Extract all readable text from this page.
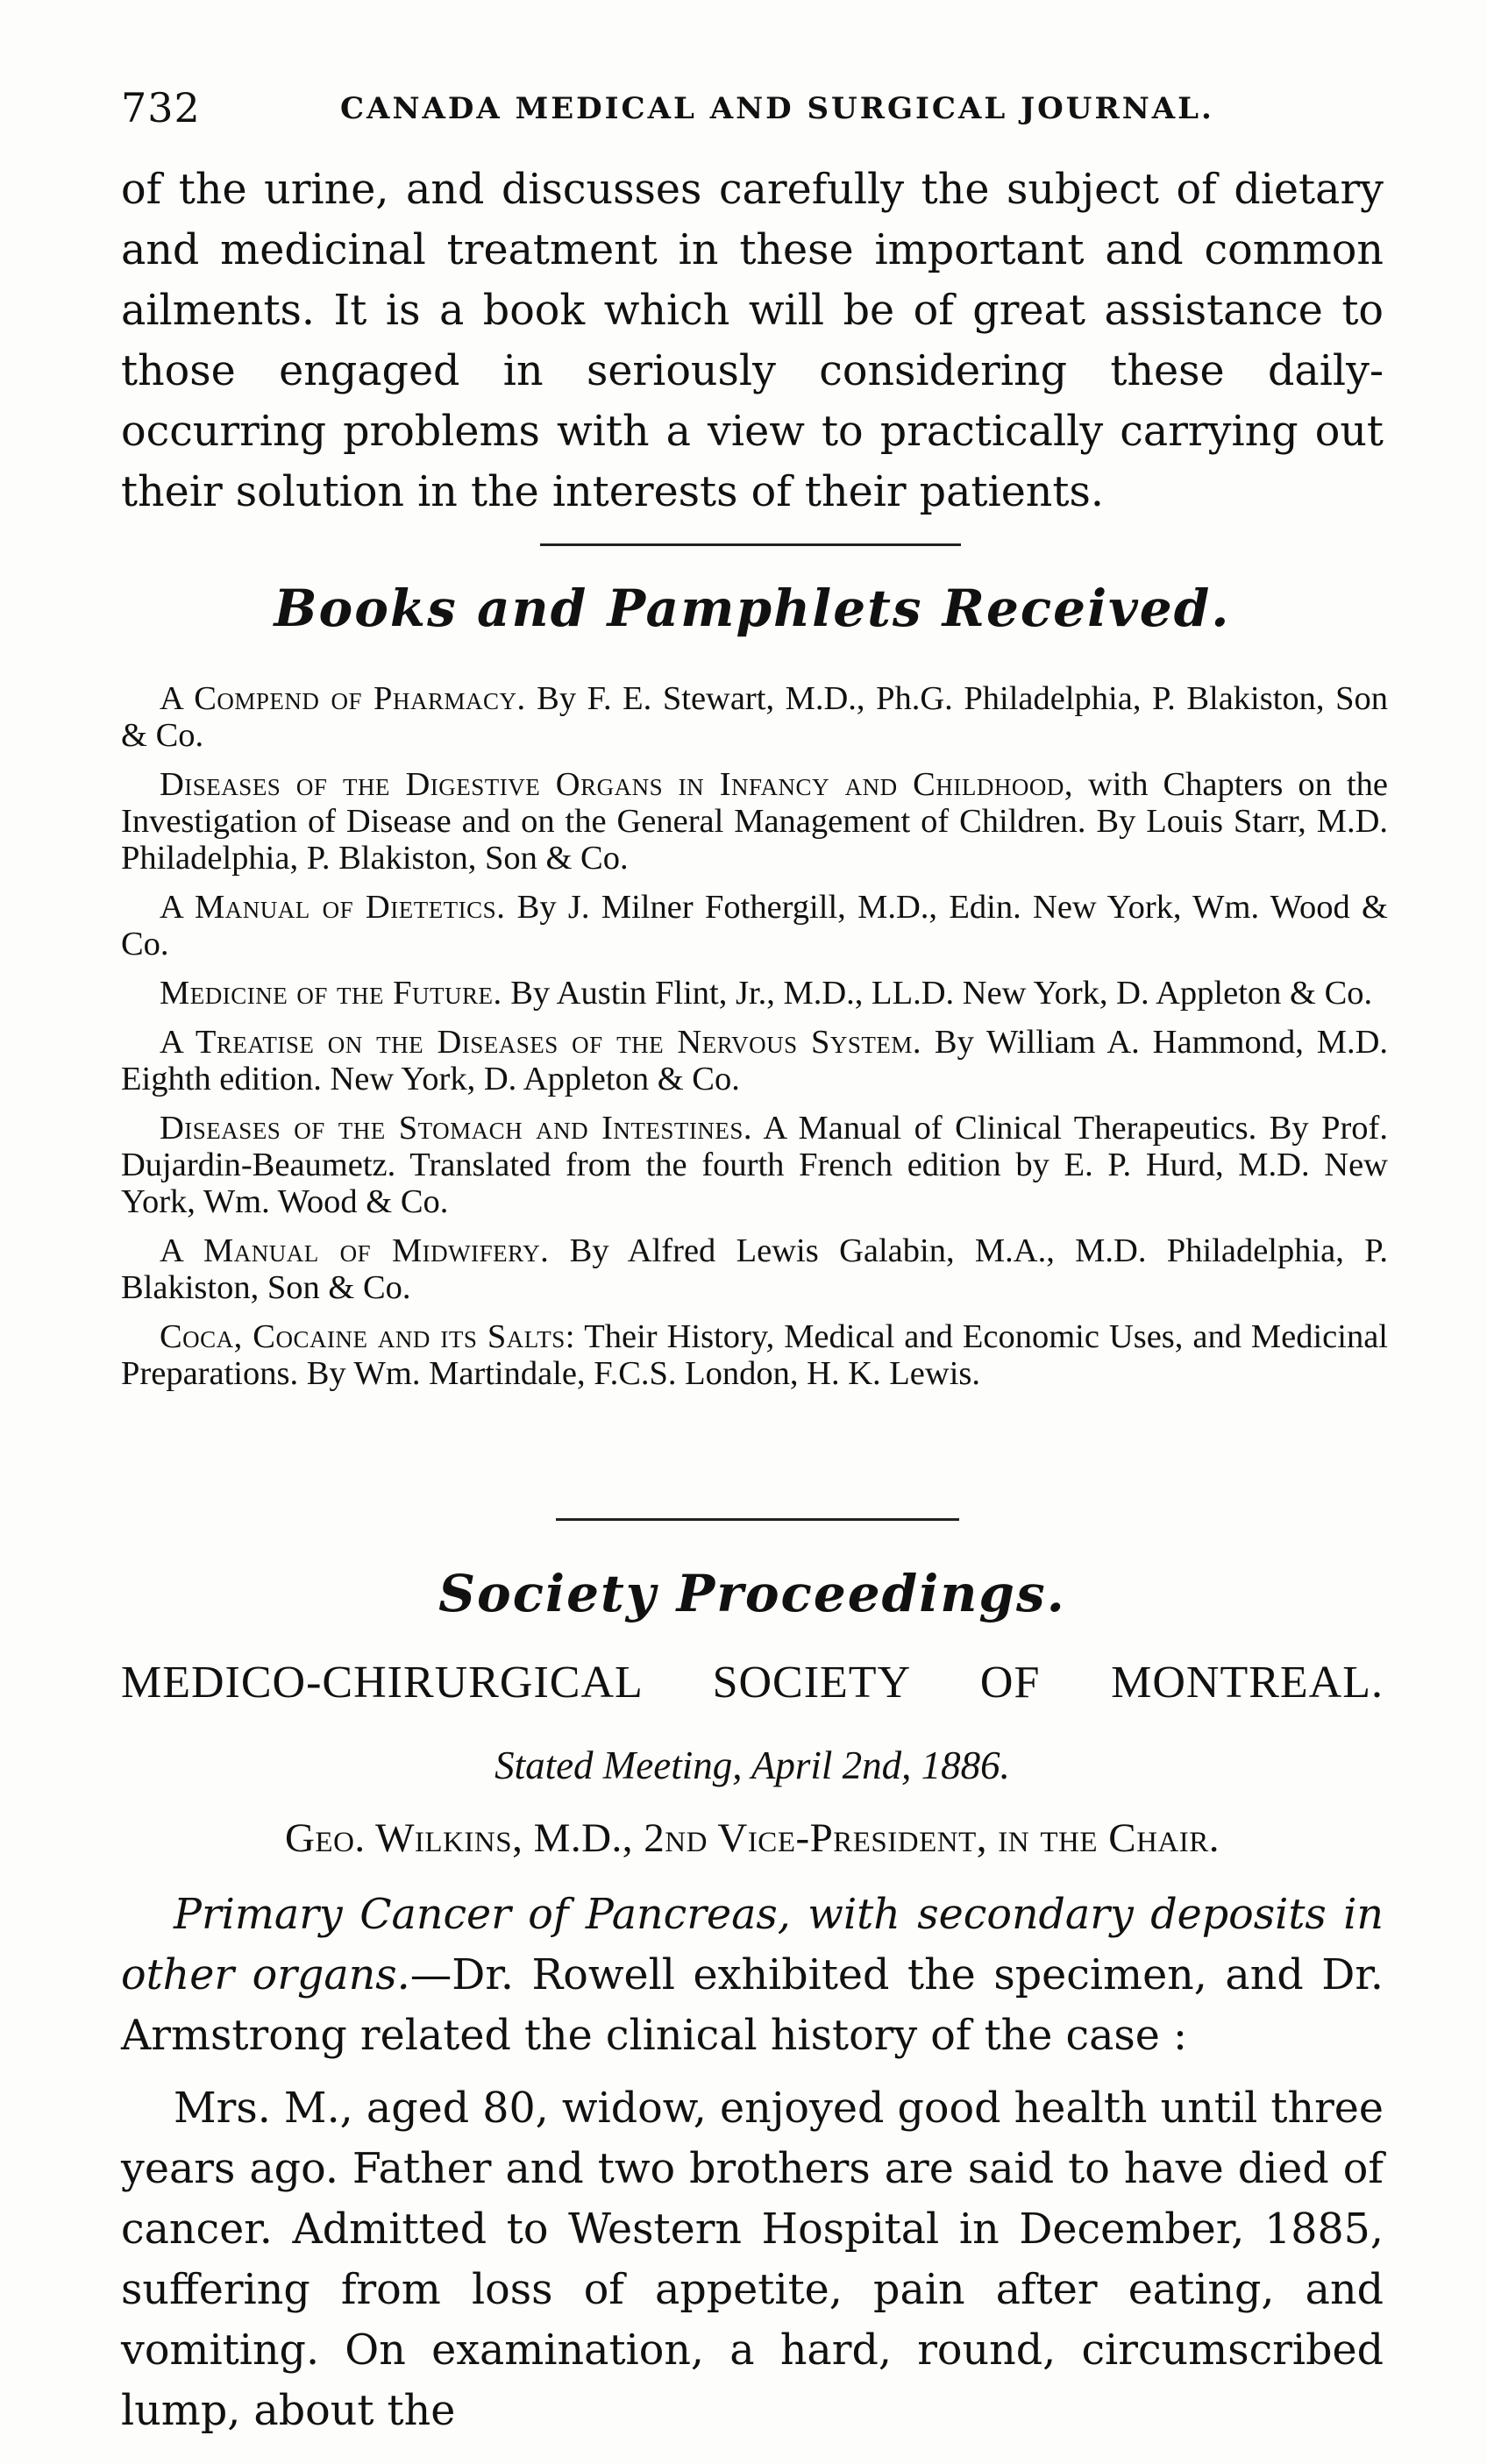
732	CANADA MEDICAL AND SURGICAL JOURNAL.

of the urine, and discusses carefully the subject of dietary and medicinal treatment in these important and common ailments. It is a book which will be of great assistance to those engaged in seriously considering these daily-occurring problems with a view to practically carrying out their solution in the interests of their patients.

Books and Pamphlets Received.

A Compend of Pharmacy. By F. E. Stewart, M.D., Ph.G. Philadelphia, P. Blakiston, Son & Co.

Diseases of the Digestive Organs in Infancy and Childhood, with Chapters on the Investigation of Disease and on the General Management of Children. By Louis Starr, M.D. Philadelphia, P. Blakiston, Son & Co.

A Manual of Dietetics. By J. Milner Fothergill, M.D., Edin. New York, Wm. Wood & Co.

Medicine of the Future. By Austin Flint, Jr., M.D., LL.D. New York, D. Appleton & Co.

A Treatise on the Diseases of the Nervous System. By William A. Hammond, M.D. Eighth edition. New York, D. Appleton & Co.

Diseases of the Stomach and Intestines. A Manual of Clinical Therapeutics. By Prof. Dujardin-Beaumetz. Translated from the fourth French edition by E. P. Hurd, M.D. New York, Wm. Wood & Co.

A Manual of Midwifery. By Alfred Lewis Galabin, M.A., M.D. Philadelphia, P. Blakiston, Son & Co.

Coca, Cocaine and its Salts: Their History, Medical and Economic Uses, and Medicinal Preparations. By Wm. Martindale, F.C.S. London, H. K. Lewis.

Society Proceedings.
MEDICO-CHIRURGICAL SOCIETY OF MONTREAL.
Stated Meeting, April 2nd, 1886.
Geo. Wilkins, M.D., 2nd Vice-President, in the Chair.

Primary Cancer of Pancreas, with secondary deposits in other organs.—Dr. Rowell exhibited the specimen, and Dr. Armstrong related the clinical history of the case :

Mrs. M., aged 80, widow, enjoyed good health until three years ago. Father and two brothers are said to have died of cancer. Admitted to Western Hospital in December, 1885, suffering from loss of appetite, pain after eating, and vomiting. On examination, a hard, round, circumscribed lump, about the
